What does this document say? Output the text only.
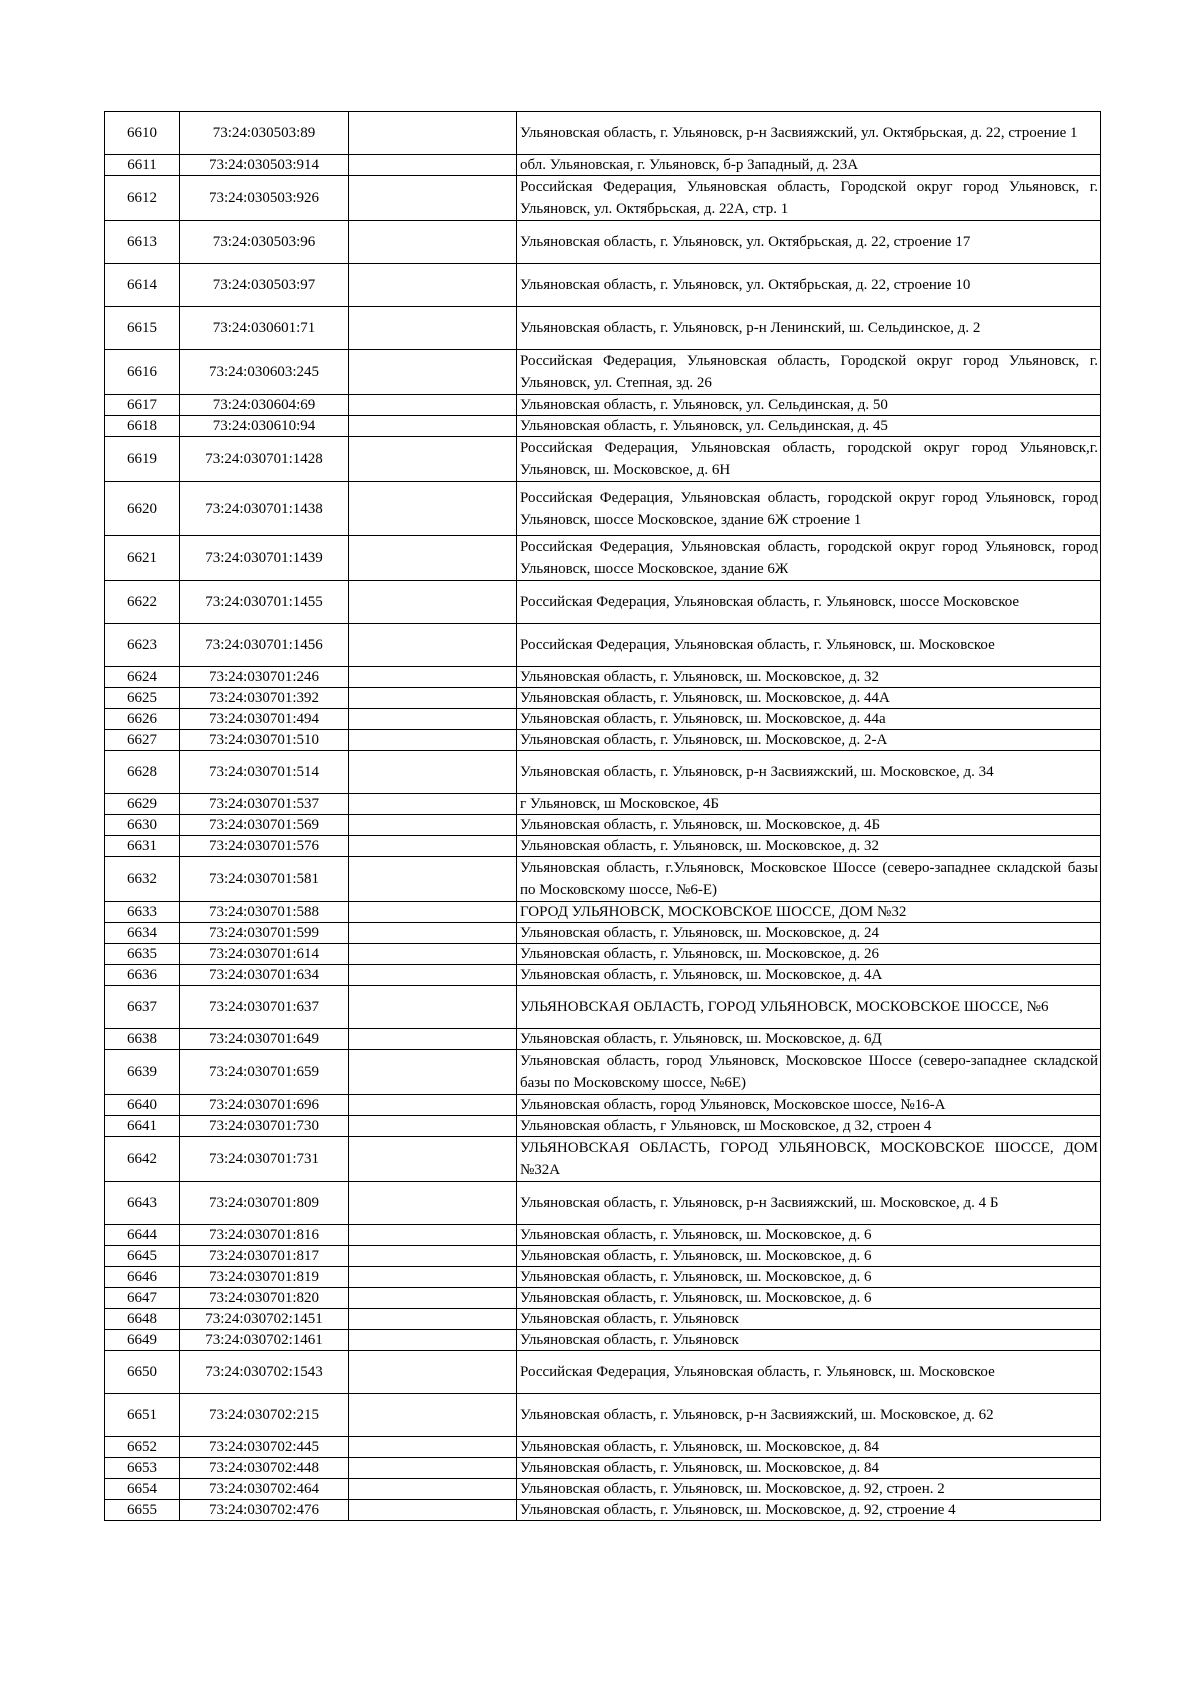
6610	73:24:030503:89		Ульяновская область, г. Ульяновск, р-н Засвияжский, ул. Октябрьская, д. 22, строение 1
6611	73:24:030503:914		обл. Ульяновская, г. Ульяновск, б-р Западный, д. 23А
6612	73:24:030503:926		Российская Федерация, Ульяновская область, Городской округ город Ульяновск, г. Ульяновск, ул. Октябрьская, д. 22А, стр. 1
6613	73:24:030503:96		Ульяновская область, г. Ульяновск, ул. Октябрьская, д. 22, строение 17
6614	73:24:030503:97		Ульяновская область, г. Ульяновск, ул. Октябрьская, д. 22, строение 10
6615	73:24:030601:71		Ульяновская область, г. Ульяновск, р-н Ленинский, ш. Сельдинское, д. 2
6616	73:24:030603:245		Российская Федерация, Ульяновская область, Городской округ город Ульяновск, г. Ульяновск, ул. Степная, зд. 26
6617	73:24:030604:69		Ульяновская область, г. Ульяновск, ул. Сельдинская, д. 50
6618	73:24:030610:94		Ульяновская область, г. Ульяновск, ул. Сельдинская, д. 45
6619	73:24:030701:1428		Российская Федерация, Ульяновская область, городской округ город Ульяновск,г. Ульяновск, ш. Московское, д. 6Н
6620	73:24:030701:1438		Российская Федерация, Ульяновская область, городской округ город Ульяновск, город Ульяновск, шоссе Московское, здание 6Ж строение 1
6621	73:24:030701:1439		Российская Федерация, Ульяновская область, городской округ город Ульяновск, город Ульяновск, шоссе Московское, здание 6Ж
6622	73:24:030701:1455		Российская Федерация, Ульяновская область, г. Ульяновск, шоссе Московское
6623	73:24:030701:1456		Российская Федерация, Ульяновская область, г. Ульяновск, ш. Московское
6624	73:24:030701:246		Ульяновская область, г. Ульяновск, ш. Московское, д. 32
6625	73:24:030701:392		Ульяновская область, г. Ульяновск, ш. Московское, д. 44А
6626	73:24:030701:494		Ульяновская область, г. Ульяновск, ш. Московское, д. 44а
6627	73:24:030701:510		Ульяновская область, г. Ульяновск, ш. Московское, д. 2-А
6628	73:24:030701:514		Ульяновская область, г. Ульяновск, р-н Засвияжский, ш. Московское, д. 34
6629	73:24:030701:537		г Ульяновск, ш Московское, 4Б
6630	73:24:030701:569		Ульяновская область, г. Ульяновск, ш. Московское, д. 4Б
6631	73:24:030701:576		Ульяновская область, г. Ульяновск, ш. Московское, д. 32
6632	73:24:030701:581		Ульяновская область, г.Ульяновск, Московское Шоссе (северо-западнее складской базы по Московскому шоссе, №6-Е)
6633	73:24:030701:588		ГОРОД УЛЬЯНОВСК, МОСКОВСКОЕ ШОССЕ, ДОМ №32
6634	73:24:030701:599		Ульяновская область, г. Ульяновск, ш. Московское, д. 24
6635	73:24:030701:614		Ульяновская область, г. Ульяновск, ш. Московское, д. 26
6636	73:24:030701:634		Ульяновская область, г. Ульяновск, ш. Московское, д. 4А
6637	73:24:030701:637		УЛЬЯНОВСКАЯ ОБЛАСТЬ, ГОРОД УЛЬЯНОВСК, МОСКОВСКОЕ ШОССЕ, №6
6638	73:24:030701:649		Ульяновская область, г. Ульяновск, ш. Московское, д. 6Д
6639	73:24:030701:659		Ульяновская область, город Ульяновск, Московское Шоссе (северо-западнее складской базы по Московскому шоссе, №6Е)
6640	73:24:030701:696		Ульяновская область, город Ульяновск, Московское шоссе, №16-А
6641	73:24:030701:730		Ульяновская область, г Ульяновск, ш Московское, д 32, строен 4
6642	73:24:030701:731		УЛЬЯНОВСКАЯ ОБЛАСТЬ, ГОРОД УЛЬЯНОВСК, МОСКОВСКОЕ ШОССЕ, ДОМ №32А
6643	73:24:030701:809		Ульяновская область, г. Ульяновск, р-н Засвияжский, ш. Московское, д. 4 Б
6644	73:24:030701:816		Ульяновская область, г. Ульяновск, ш. Московское, д. 6
6645	73:24:030701:817		Ульяновская область, г. Ульяновск, ш. Московское, д. 6
6646	73:24:030701:819		Ульяновская область, г. Ульяновск, ш. Московское, д. 6
6647	73:24:030701:820		Ульяновская область, г. Ульяновск, ш. Московское, д. 6
6648	73:24:030702:1451		Ульяновская область, г. Ульяновск
6649	73:24:030702:1461		Ульяновская область, г. Ульяновск
6650	73:24:030702:1543		Российская Федерация, Ульяновская область, г. Ульяновск, ш. Московское
6651	73:24:030702:215		Ульяновская область, г. Ульяновск, р-н Засвияжский, ш. Московское, д. 62
6652	73:24:030702:445		Ульяновская область, г. Ульяновск, ш. Московское, д. 84
6653	73:24:030702:448		Ульяновская область, г. Ульяновск, ш. Московское, д. 84
6654	73:24:030702:464		Ульяновская область, г. Ульяновск, ш. Московское, д. 92, строен. 2
6655	73:24:030702:476		Ульяновская область, г. Ульяновск, ш. Московское, д. 92, строение 4
